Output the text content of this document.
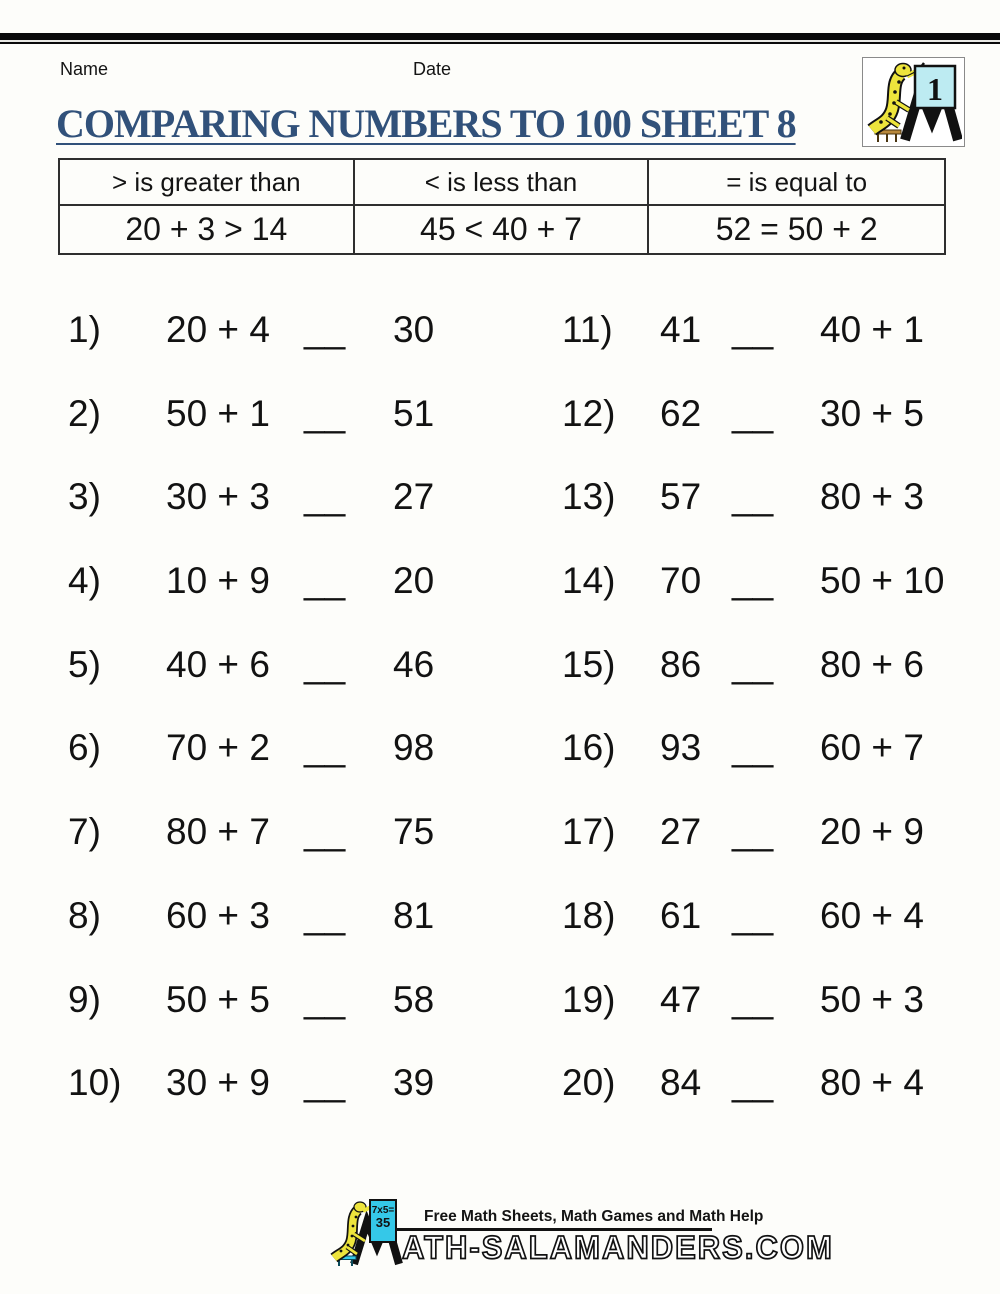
Name	Date
1
COMPARING NUMBERS TO 100 SHEET 8
> is greater than	< is less than	= is equal to
20 + 3 > 14	45 < 40 + 7	52 = 50 + 2
1)	20 + 4 __	30
2)	50 + 1 __	51
3)	30 + 3 __	27
4)	10 + 9 __	20
5)	40 + 6 __	46
6)	70 + 2 __	98
7)	80 + 7 __	75
8)	60 + 3 __	81
9)	50 + 5 __	58
10)	30 + 9 __	39
11)	41 __	40 + 1
12)	62 __	30 + 5
13)	57 __	80 + 3
14)	70 __	50 + 10
15)	86 __	80 + 6
16)	93 __	60 + 7
17)	27 __	20 + 9
18)	61 __	60 + 4
19)	47 __	50 + 3
20)	84 __	80 + 4
7x5=
35 Free Math Sheets, Math Games and Math Help
ATH-SALAMANDERS.COM
